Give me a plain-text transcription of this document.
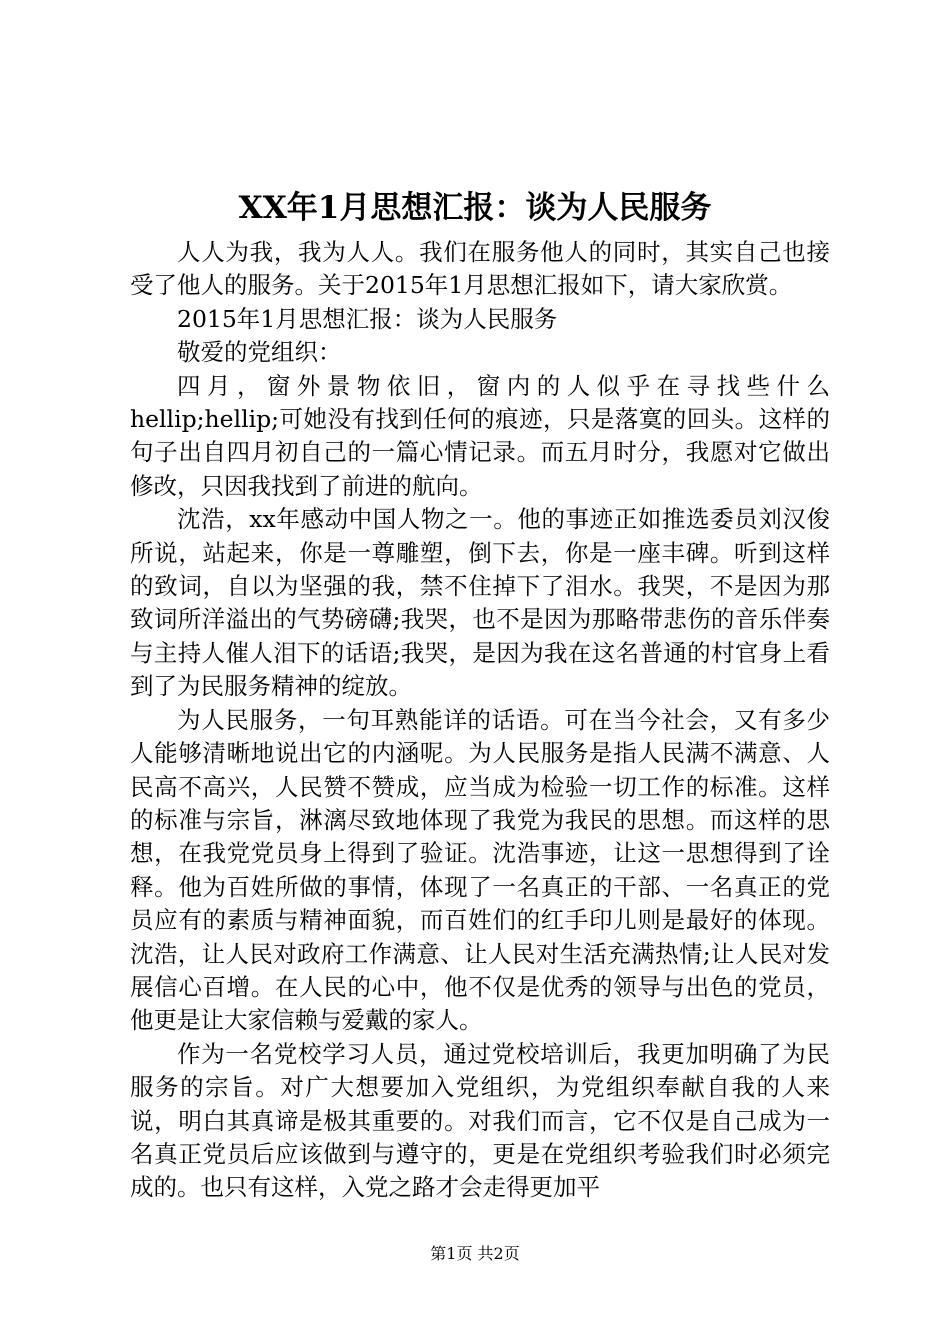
XX年1月思想汇报：谈为人民服务

人人为我，我为人人。我们在服务他人的同时，其实自己也接受了他人的服务。关于2015年1月思想汇报如下，请大家欣赏。

2015年1月思想汇报：谈为人民服务

敬爱的党组织：

四月，窗外景物依旧，窗内的人似乎在寻找些什么hellip;hellip;可她没有找到任何的痕迹，只是落寞的回头。这样的句子出自四月初自己的一篇心情记录。而五月时分，我愿对它做出修改，只因我找到了前进的航向。

沈浩，xx年感动中国人物之一。他的事迹正如推选委员刘汉俊所说，站起来，你是一尊雕塑，倒下去，你是一座丰碑。听到这样的致词，自以为坚强的我，禁不住掉下了泪水。我哭，不是因为那致词所洋溢出的气势磅礴;我哭，也不是因为那略带悲伤的音乐伴奏与主持人催人泪下的话语;我哭，是因为我在这名普通的村官身上看到了为民服务精神的绽放。

为人民服务，一句耳熟能详的话语。可在当今社会，又有多少人能够清晰地说出它的内涵呢。为人民服务是指人民满不满意、人民高不高兴，人民赞不赞成，应当成为检验一切工作的标准。这样的标准与宗旨，淋漓尽致地体现了我党为我民的思想。而这样的思想，在我党党员身上得到了验证。沈浩事迹，让这一思想得到了诠释。他为百姓所做的事情，体现了一名真正的干部、一名真正的党员应有的素质与精神面貌，而百姓们的红手印儿则是最好的体现。沈浩，让人民对政府工作满意、让人民对生活充满热情;让人民对发展信心百增。在人民的心中，他不仅是优秀的领导与出色的党员，他更是让大家信赖与爱戴的家人。

作为一名党校学习人员，通过党校培训后，我更加明确了为民服务的宗旨。对广大想要加入党组织，为党组织奉献自我的人来说，明白其真谛是极其重要的。对我们而言，它不仅是自己成为一名真正党员后应该做到与遵守的，更是在党组织考验我们时必须完成的。也只有这样，入党之路才会走得更加平

第1页 共2页
